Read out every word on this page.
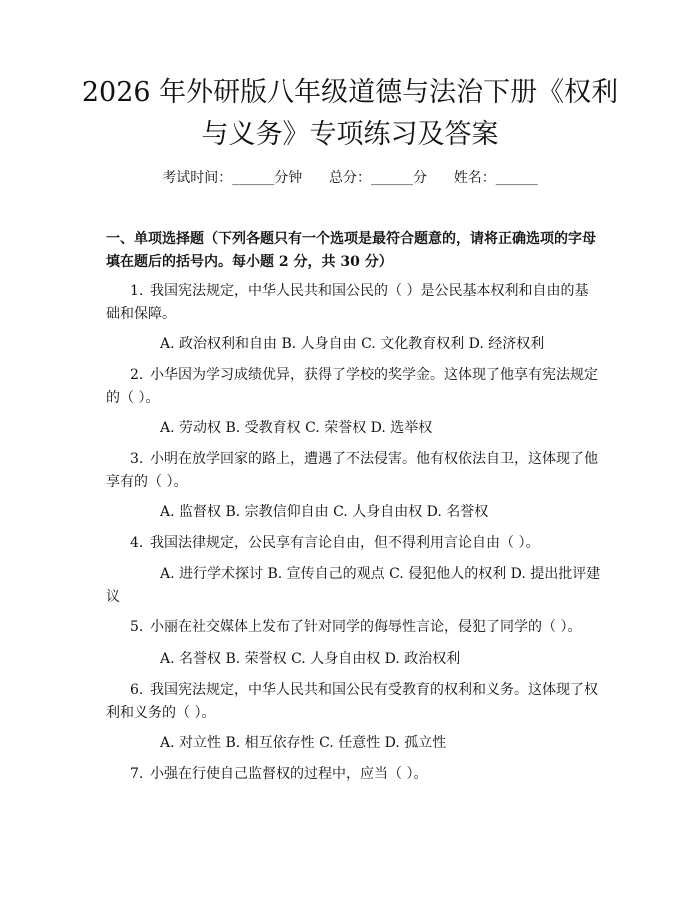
2026 年外研版八年级道德与法治下册《权利
与义务》专项练习及答案
考试时间：______分钟 总分：______分 姓名：______

一、单项选择题（下列各题只有一个选项是最符合题意的，请将正确选项的字母填在题后的括号内。每小题 2 分，共 30 分）

1. 我国宪法规定，中华人民共和国公民的（ ）是公民基本权利和自由的基础和保障。

A. 政治权利和自由 B. 人身自由 C. 文化教育权利 D. 经济权利

2. 小华因为学习成绩优异，获得了学校的奖学金。这体现了他享有宪法规定的（ ）。

A. 劳动权 B. 受教育权 C. 荣誉权 D. 选举权

3. 小明在放学回家的路上，遭遇了不法侵害。他有权依法自卫，这体现了他享有的（ ）。

A. 监督权 B. 宗教信仰自由 C. 人身自由权 D. 名誉权

4. 我国法律规定，公民享有言论自由，但不得利用言论自由（ ）。

A. 进行学术探讨 B. 宣传自己的观点 C. 侵犯他人的权利 D. 提出批评建议

5. 小丽在社交媒体上发布了针对同学的侮辱性言论，侵犯了同学的（ ）。

A. 名誉权 B. 荣誉权 C. 人身自由权 D. 政治权利

6. 我国宪法规定，中华人民共和国公民有受教育的权利和义务。这体现了权利和义务的（ ）。

A. 对立性 B. 相互依存性 C. 任意性 D. 孤立性

7. 小强在行使自己监督权的过程中，应当（ ）。
